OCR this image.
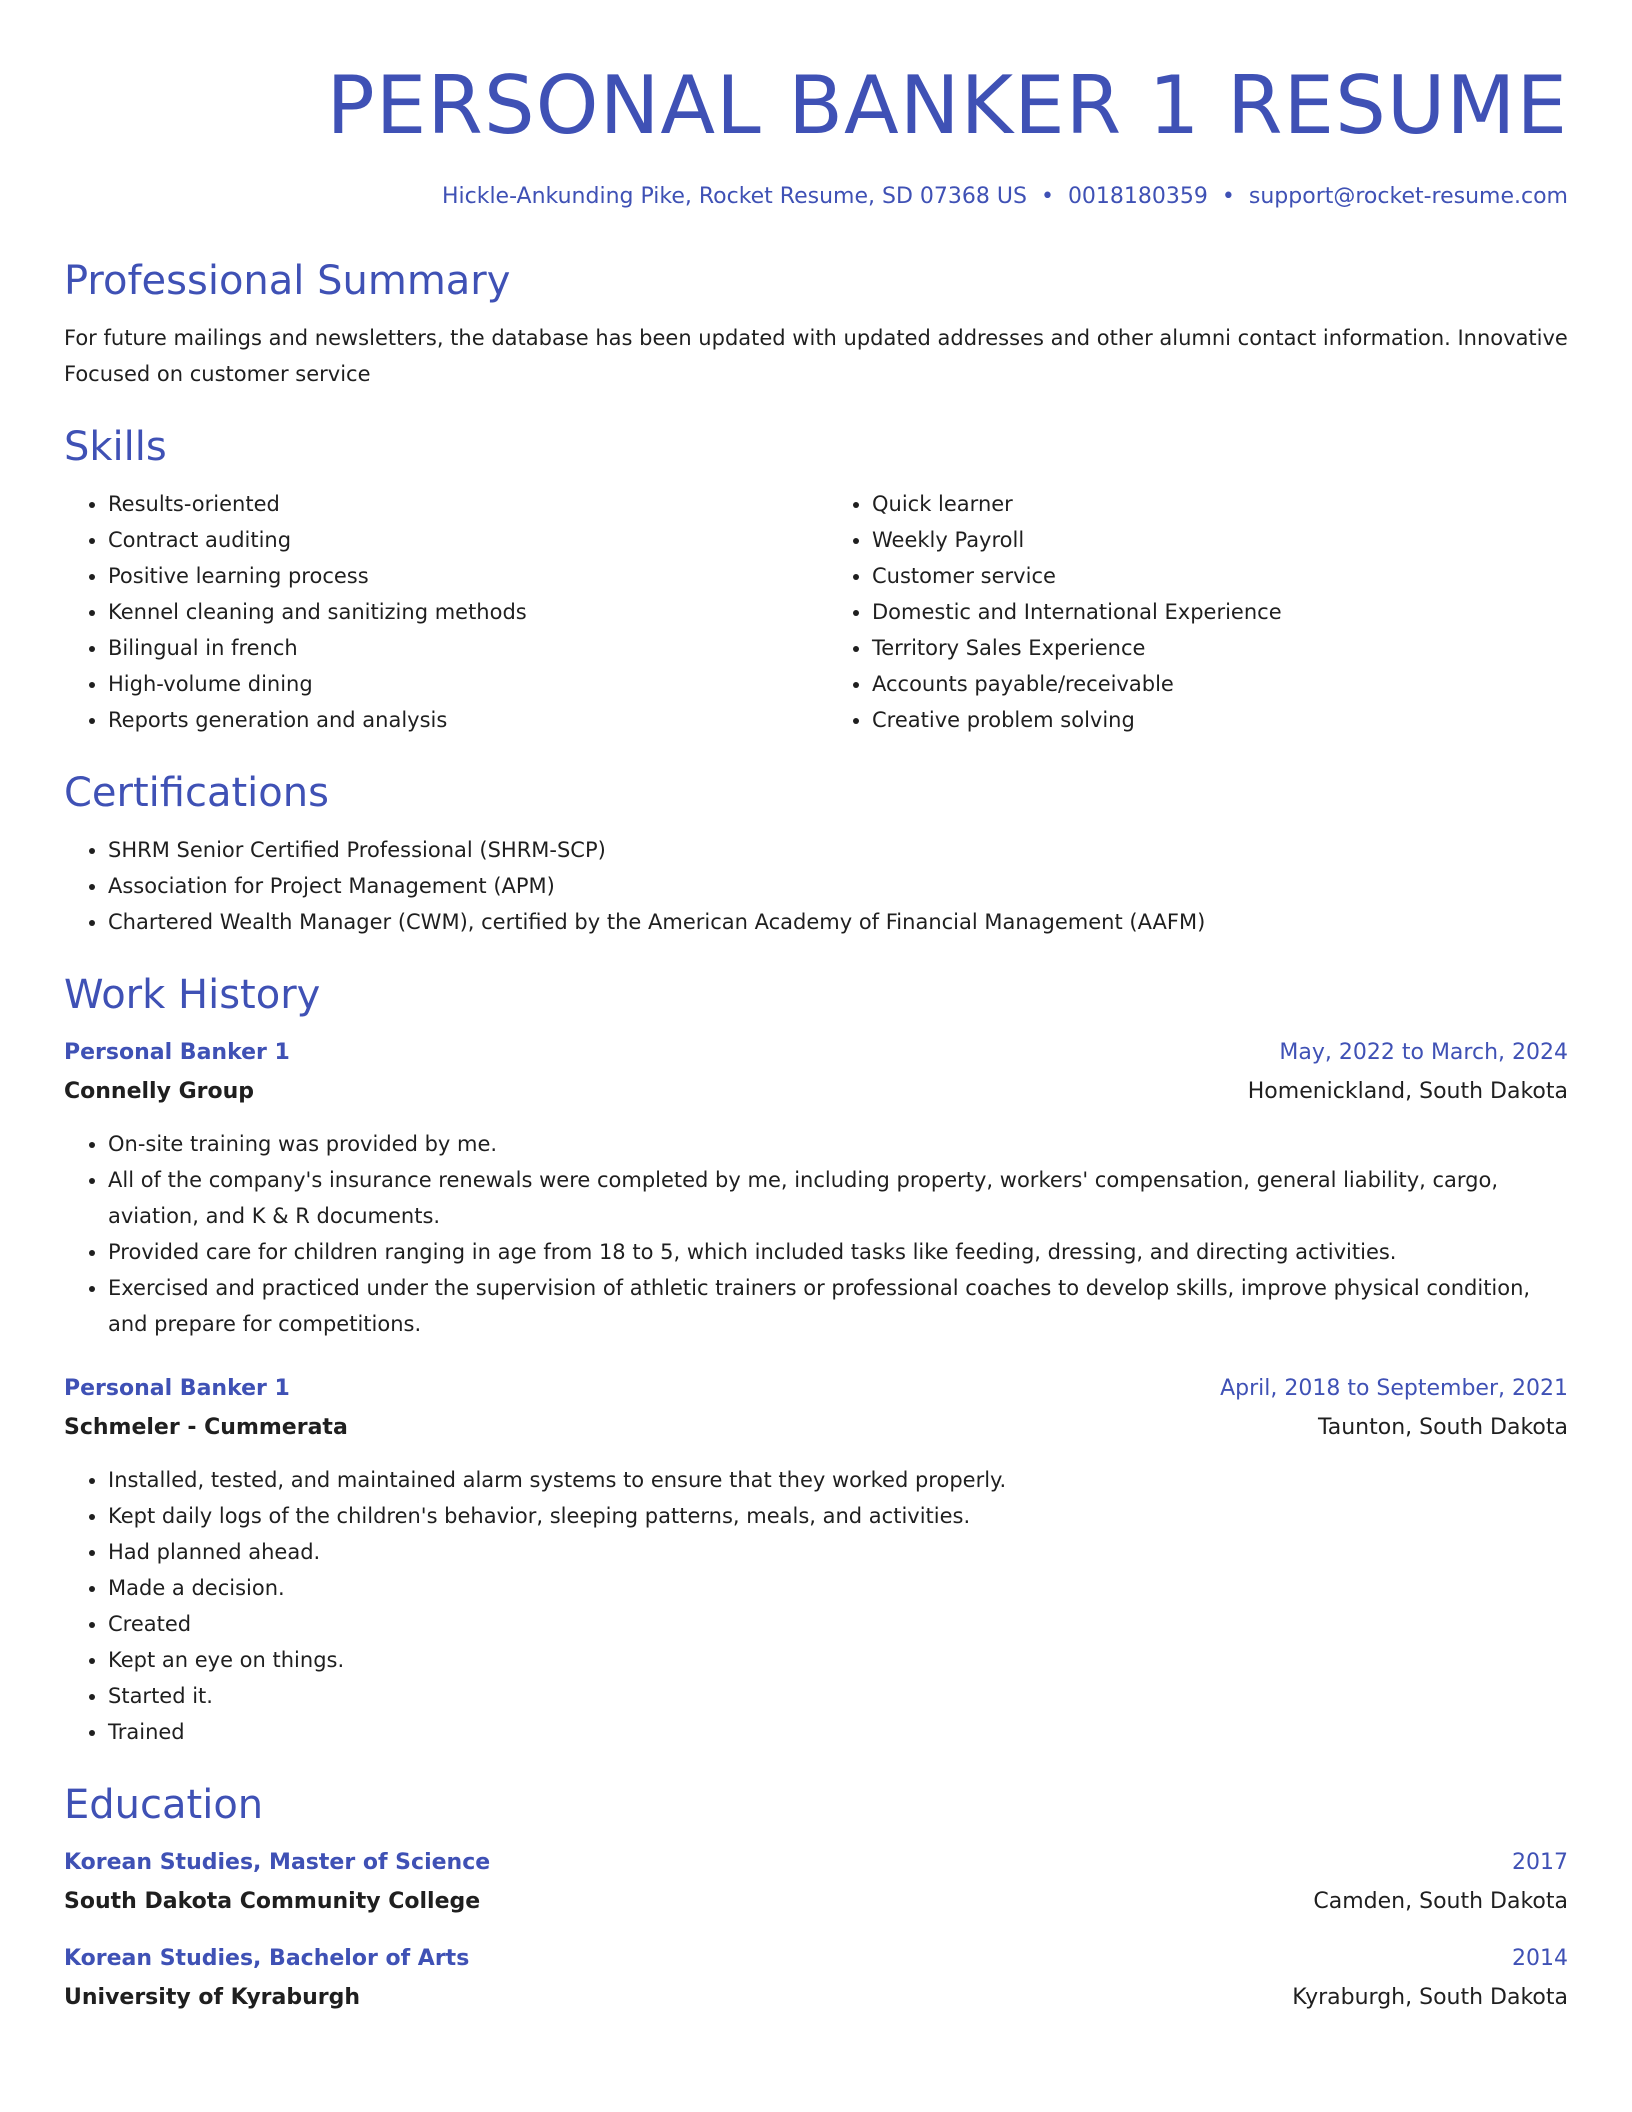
PERSONAL BANKER 1 RESUME
Hickle-Ankunding Pike, Rocket Resume, SD 07368 US • 0018180359 • support@rocket-resume.com
Professional Summary

For future mailings and newsletters, the database has been updated with updated addresses and other alumni contact information. Innovative Focused on customer service

Skills
• Results-oriented
• Contract auditing
• Positive learning process
• Kennel cleaning and sanitizing methods
• Bilingual in french
• High-volume dining
• Reports generation and analysis
• Quick learner
• Weekly Payroll
• Customer service
• Domestic and International Experience
• Territory Sales Experience
• Accounts payable/receivable
• Creative problem solving
Certifications
• SHRM Senior Certified Professional (SHRM-SCP)
• Association for Project Management (APM)
• Chartered Wealth Manager (CWM), certified by the American Academy of Financial Management (AAFM)
Work History
Personal Banker 1	May, 2022 to March, 2024
Connelly Group	Homenickland, South Dakota
• On-site training was provided by me.
• All of the company's insurance renewals were completed by me, including property, workers' compensation, general liability, cargo, aviation, and K & R documents.
• Provided care for children ranging in age from 18 to 5, which included tasks like feeding, dressing, and directing activities.
• Exercised and practiced under the supervision of athletic trainers or professional coaches to develop skills, improve physical condition, and prepare for competitions.
Personal Banker 1	April, 2018 to September, 2021
Schmeler - Cummerata	Taunton, South Dakota
• Installed, tested, and maintained alarm systems to ensure that they worked properly.
• Kept daily logs of the children's behavior, sleeping patterns, meals, and activities.
• Had planned ahead.
• Made a decision.
• Created
• Kept an eye on things.
• Started it.
• Trained
Education
Korean Studies, Master of Science	2017
South Dakota Community College	Camden, South Dakota
Korean Studies, Bachelor of Arts	2014
University of Kyraburgh	Kyraburgh, South Dakota
